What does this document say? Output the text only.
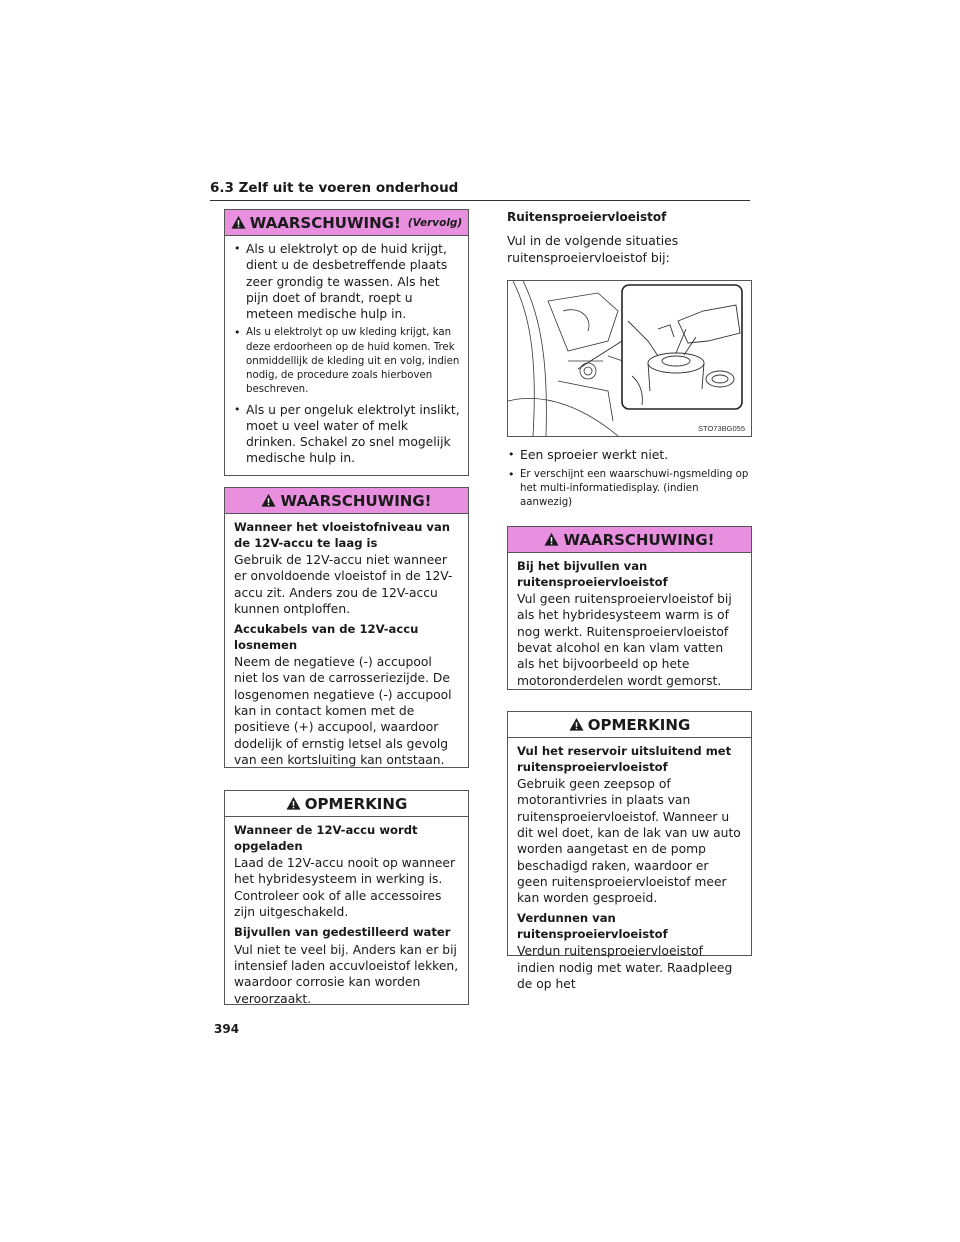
6.3 Zelf uit te voeren onderhoud
WAARSCHUWING! (Vervolg)
• Als u elektrolyt op de huid krijgt, dient u de desbetreffende plaats zeer grondig te wassen. Als het pijn doet of brandt, roept u meteen medische hulp in.
• Als u elektrolyt op uw kleding krijgt, kan deze erdoorheen op de huid komen. Trek onmiddellijk de kleding uit en volg, indien nodig, de procedure zoals hierboven beschreven.
• Als u per ongeluk elektrolyt inslikt, moet u veel water of melk drinken. Schakel zo snel mogelijk medische hulp in.
WAARSCHUWING!
Wanneer het vloeistofniveau van de 12V-accu te laag is

Gebruik de 12V-accu niet wanneer er onvoldoende vloeistof in de 12V-accu zit. Anders zou de 12V-accu kunnen ontploffen.

Accukabels van de 12V-accu losnemen

Neem de negatieve (-) accupool niet los van de carrosseriezijde. De losgenomen negatieve (-) accupool kan in contact komen met de positieve (+) accupool, waardoor dodelijk of ernstig letsel als gevolg van een kortsluiting kan ontstaan.

OPMERKING
Wanneer de 12V-accu wordt opgeladen

Laad de 12V-accu nooit op wanneer het hybridesysteem in werking is. Controleer ook of alle accessoires zijn uitgeschakeld.

Bijvullen van gedestilleerd water

Vul niet te veel bij. Anders kan er bij intensief laden accuvloeistof lekken, waardoor corrosie kan worden veroorzaakt.

Ruitensproeiervloeistof
Vul in de volgende situaties ruitensproeiervloeistof bij:
STO73BG055
• Een sproeier werkt niet.
• Er verschijnt een waarschuwi-ngsmelding op het multi-informatiedisplay. (indien aanwezig)
WAARSCHUWING!
Bij het bijvullen van ruitensproeiervloeistof

Vul geen ruitensproeiervloeistof bij als het hybridesysteem warm is of nog werkt. Ruitensproeiervloeistof bevat alcohol en kan vlam vatten als het bijvoorbeeld op hete motoronderdelen wordt gemorst.

OPMERKING
Vul het reservoir uitsluitend met ruitensproeiervloeistof

Gebruik geen zeepsop of motorantivries in plaats van ruitensproeiervloeistof. Wanneer u dit wel doet, kan de lak van uw auto worden aangetast en de pomp beschadigd raken, waardoor er geen ruitensproeiervloeistof meer kan worden gesproeid.

Verdunnen van ruitensproeiervloeistof

Verdun ruitensproeiervloeistof indien nodig met water. Raadpleeg de op het

394
